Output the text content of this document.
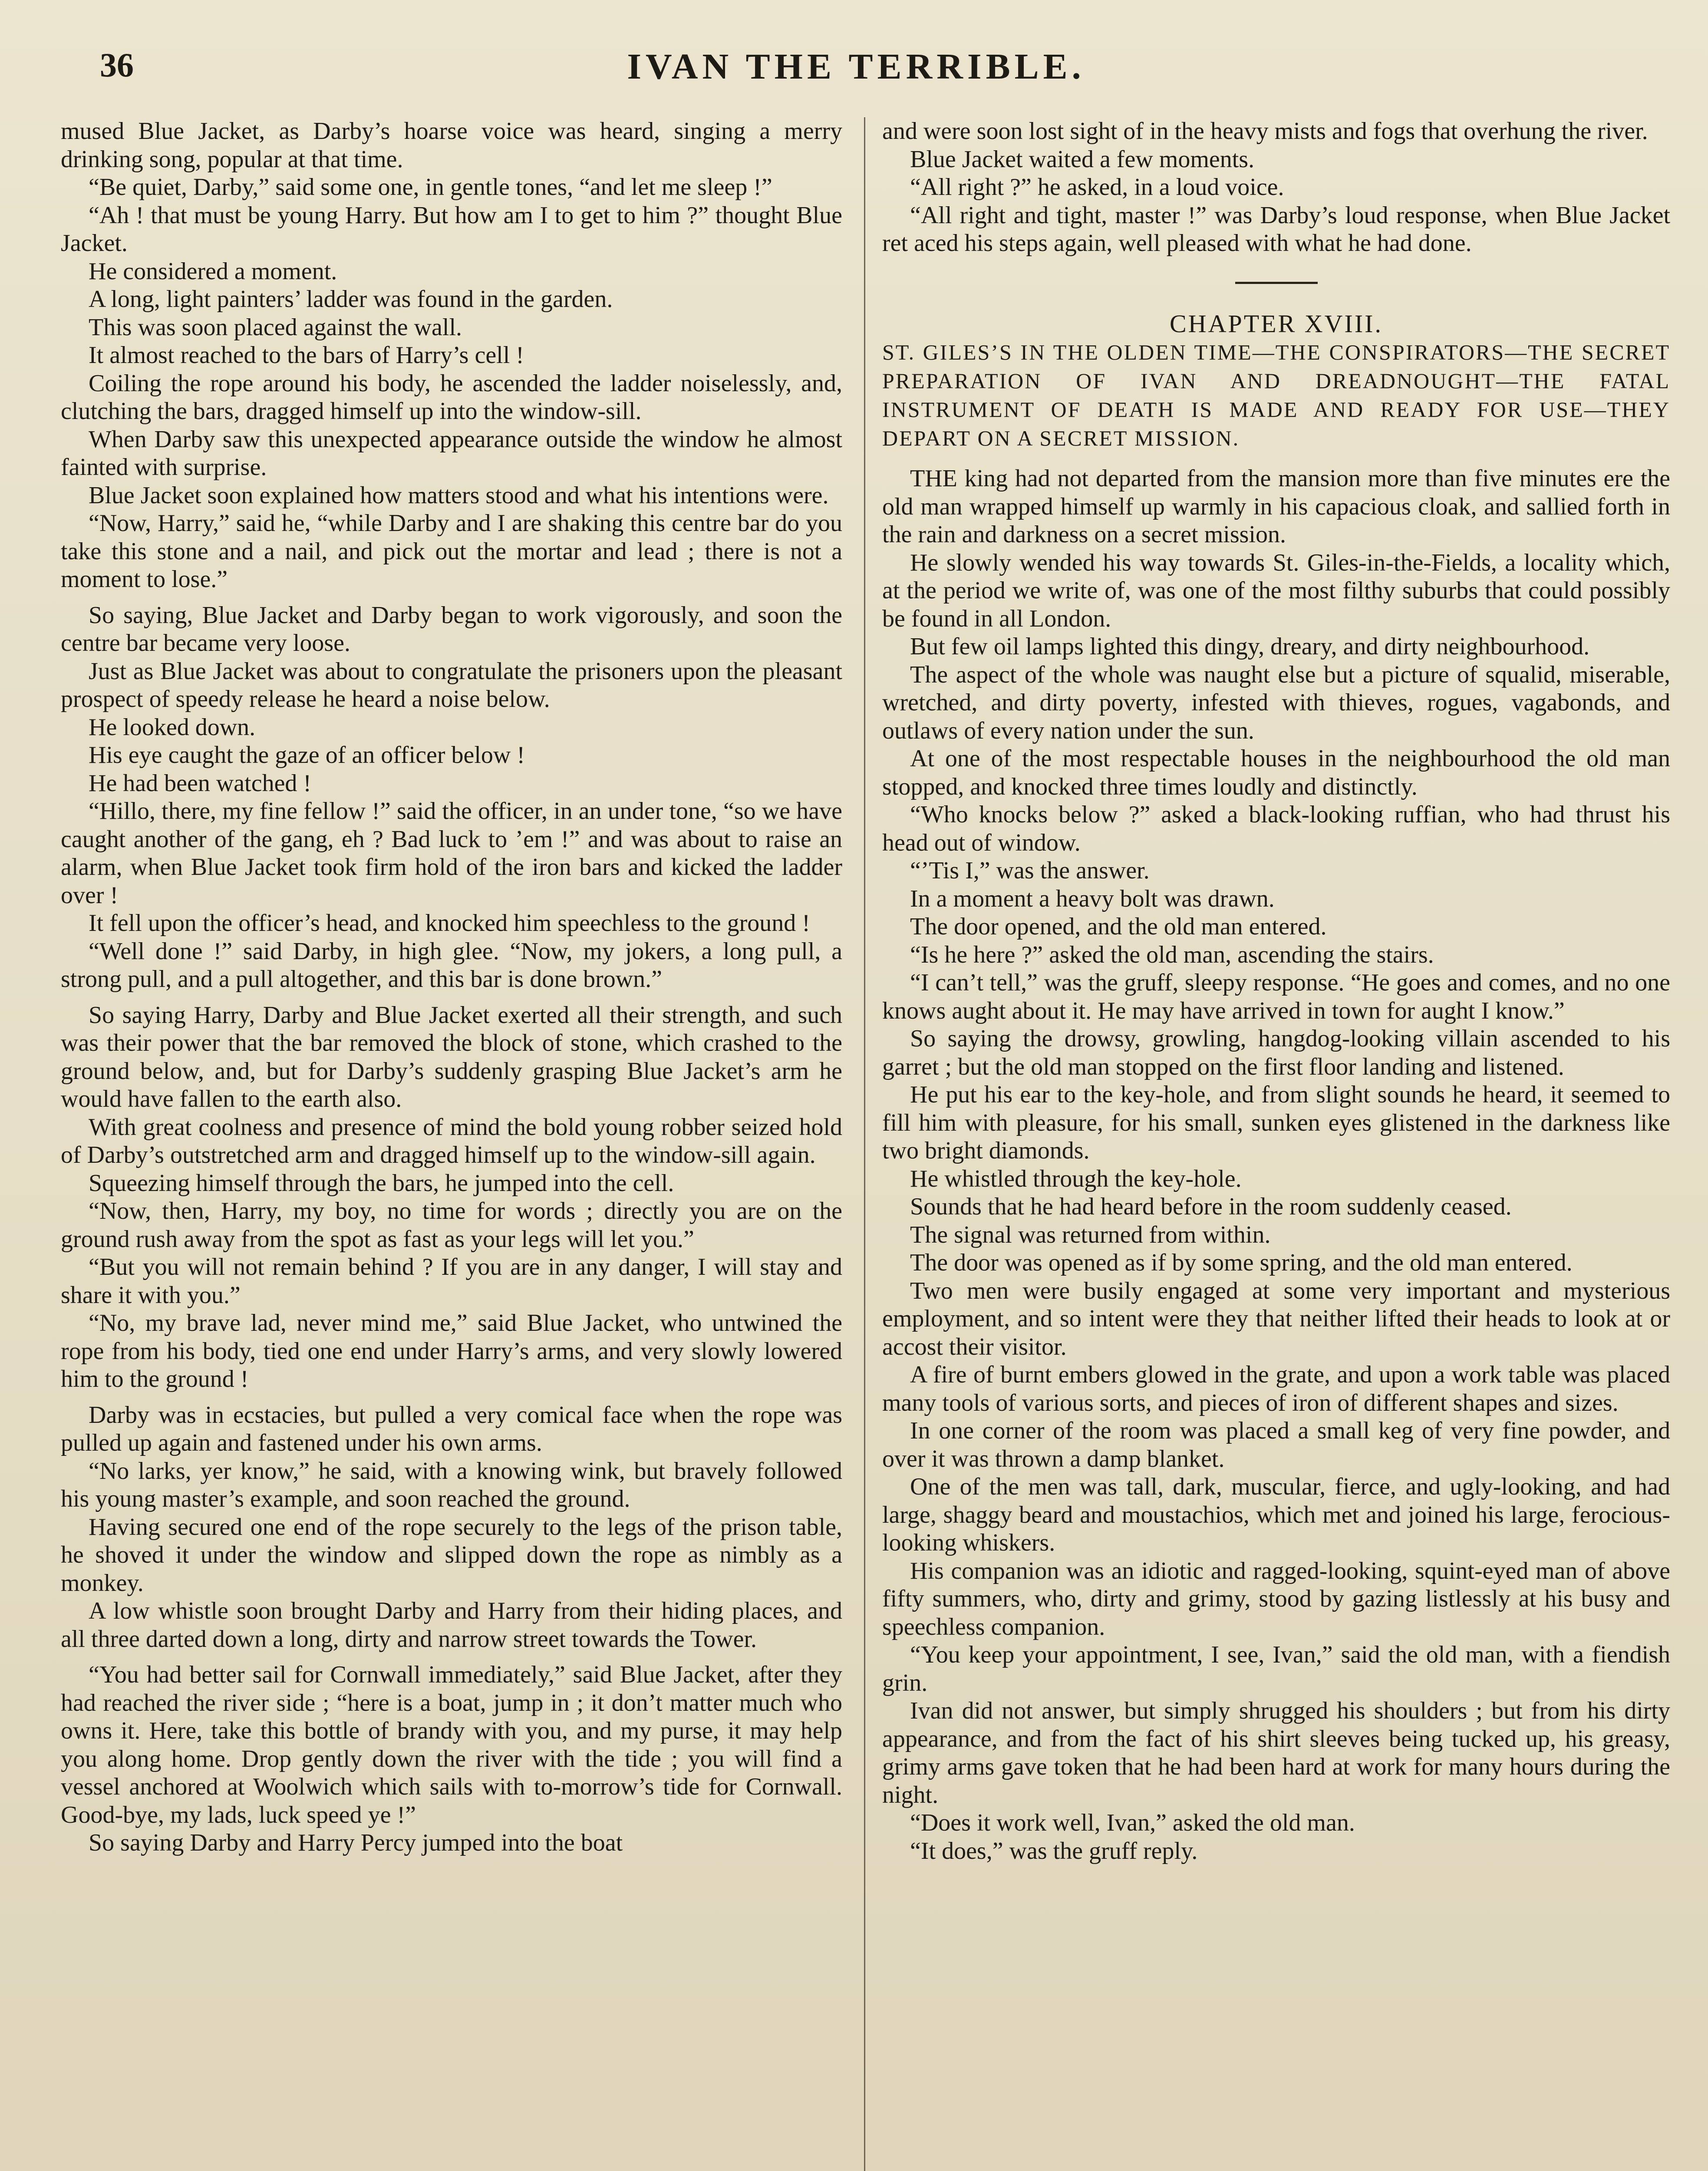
36	IVAN THE TERRIBLE.

mused Blue Jacket, as Darby’s hoarse voice was heard, singing a merry drinking song, popular at that time.

“Be quiet, Darby,” said some one, in gentle tones, “and let me sleep !”

“Ah ! that must be young Harry. But how am I to get to him ?” thought Blue Jacket.

He considered a moment.

A long, light painters’ ladder was found in the garden.

This was soon placed against the wall.

It almost reached to the bars of Harry’s cell !

Coiling the rope around his body, he ascended the ladder noiselessly, and, clutching the bars, dragged himself up into the window-sill.

When Darby saw this unexpected appearance outside the window he almost fainted with surprise.

Blue Jacket soon explained how matters stood and what his intentions were.

“Now, Harry,” said he, “while Darby and I are shaking this centre bar do you take this stone and a nail, and pick out the mortar and lead ; there is not a moment to lose.”

So saying, Blue Jacket and Darby began to work vigorously, and soon the centre bar became very loose.

Just as Blue Jacket was about to congratulate the prisoners upon the pleasant prospect of speedy release he heard a noise below.

He looked down.

His eye caught the gaze of an officer below !

He had been watched !

“Hillo, there, my fine fellow !” said the officer, in an under tone, “so we have caught another of the gang, eh ? Bad luck to ’em !” and was about to raise an alarm, when Blue Jacket took firm hold of the iron bars and kicked the ladder over !

It fell upon the officer’s head, and knocked him speechless to the ground !

“Well done !” said Darby, in high glee. “Now, my jokers, a long pull, a strong pull, and a pull altogether, and this bar is done brown.”

So saying Harry, Darby and Blue Jacket exerted all their strength, and such was their power that the bar removed the block of stone, which crashed to the ground below, and, but for Darby’s suddenly grasping Blue Jacket’s arm he would have fallen to the earth also.

With great coolness and presence of mind the bold young robber seized hold of Darby’s outstretched arm and dragged himself up to the window-sill again.

Squeezing himself through the bars, he jumped into the cell.

“Now, then, Harry, my boy, no time for words ; directly you are on the ground rush away from the spot as fast as your legs will let you.”

“But you will not remain behind ? If you are in any danger, I will stay and share it with you.”

“No, my brave lad, never mind me,” said Blue Jacket, who untwined the rope from his body, tied one end under Harry’s arms, and very slowly lowered him to the ground !

Darby was in ecstacies, but pulled a very comical face when the rope was pulled up again and fastened under his own arms.

“No larks, yer know,” he said, with a knowing wink, but bravely followed his young master’s example, and soon reached the ground.

Having secured one end of the rope securely to the legs of the prison table, he shoved it under the window and slipped down the rope as nimbly as a monkey.

A low whistle soon brought Darby and Harry from their hiding places, and all three darted down a long, dirty and narrow street towards the Tower.

“You had better sail for Cornwall immediately,” said Blue Jacket, after they had reached the river side ; “here is a boat, jump in ; it don’t matter much who owns it. Here, take this bottle of brandy with you, and my purse, it may help you along home. Drop gently down the river with the tide ; you will find a vessel anchored at Woolwich which sails with to-morrow’s tide for Cornwall. Good-bye, my lads, luck speed ye !”

So saying Darby and Harry Percy jumped into the boat

and were soon lost sight of in the heavy mists and fogs that overhung the river.

Blue Jacket waited a few moments.

“All right ?” he asked, in a loud voice.

“All right and tight, master !” was Darby’s loud response, when Blue Jacket ret aced his steps again, well pleased with what he had done.

CHAPTER XVIII.

ST. GILES’S IN THE OLDEN TIME—THE CONSPIRATORS—THE SECRET PREPARATION OF IVAN AND DREADNOUGHT—THE FATAL INSTRUMENT OF DEATH IS MADE AND READY FOR USE—THEY DEPART ON A SECRET MISSION.

THE king had not departed from the mansion more than five minutes ere the old man wrapped himself up warmly in his capacious cloak, and sallied forth in the rain and darkness on a secret mission.

He slowly wended his way towards St. Giles-in-the-Fields, a locality which, at the period we write of, was one of the most filthy suburbs that could possibly be found in all London.

But few oil lamps lighted this dingy, dreary, and dirty neighbourhood.

The aspect of the whole was naught else but a picture of squalid, miserable, wretched, and dirty poverty, infested with thieves, rogues, vagabonds, and outlaws of every nation under the sun.

At one of the most respectable houses in the neighbourhood the old man stopped, and knocked three times loudly and distinctly.

“Who knocks below ?” asked a black-looking ruffian, who had thrust his head out of window.

“’Tis I,” was the answer.

In a moment a heavy bolt was drawn.

The door opened, and the old man entered.

“Is he here ?” asked the old man, ascending the stairs.

“I can’t tell,” was the gruff, sleepy response. “He goes and comes, and no one knows aught about it. He may have arrived in town for aught I know.”

So saying the drowsy, growling, hangdog-looking villain ascended to his garret ; but the old man stopped on the first floor landing and listened.

He put his ear to the key-hole, and from slight sounds he heard, it seemed to fill him with pleasure, for his small, sunken eyes glistened in the darkness like two bright diamonds.

He whistled through the key-hole.

Sounds that he had heard before in the room suddenly ceased.

The signal was returned from within.

The door was opened as if by some spring, and the old man entered.

Two men were busily engaged at some very important and mysterious employment, and so intent were they that neither lifted their heads to look at or accost their visitor.

A fire of burnt embers glowed in the grate, and upon a work table was placed many tools of various sorts, and pieces of iron of different shapes and sizes.

In one corner of the room was placed a small keg of very fine powder, and over it was thrown a damp blanket.

One of the men was tall, dark, muscular, fierce, and ugly-looking, and had large, shaggy beard and moustachios, which met and joined his large, ferocious-looking whiskers.

His companion was an idiotic and ragged-looking, squint-eyed man of above fifty summers, who, dirty and grimy, stood by gazing listlessly at his busy and speechless companion.

“You keep your appointment, I see, Ivan,” said the old man, with a fiendish grin.

Ivan did not answer, but simply shrugged his shoulders ; but from his dirty appearance, and from the fact of his shirt sleeves being tucked up, his greasy, grimy arms gave token that he had been hard at work for many hours during the night.

“Does it work well, Ivan,” asked the old man.

“It does,” was the gruff reply.
